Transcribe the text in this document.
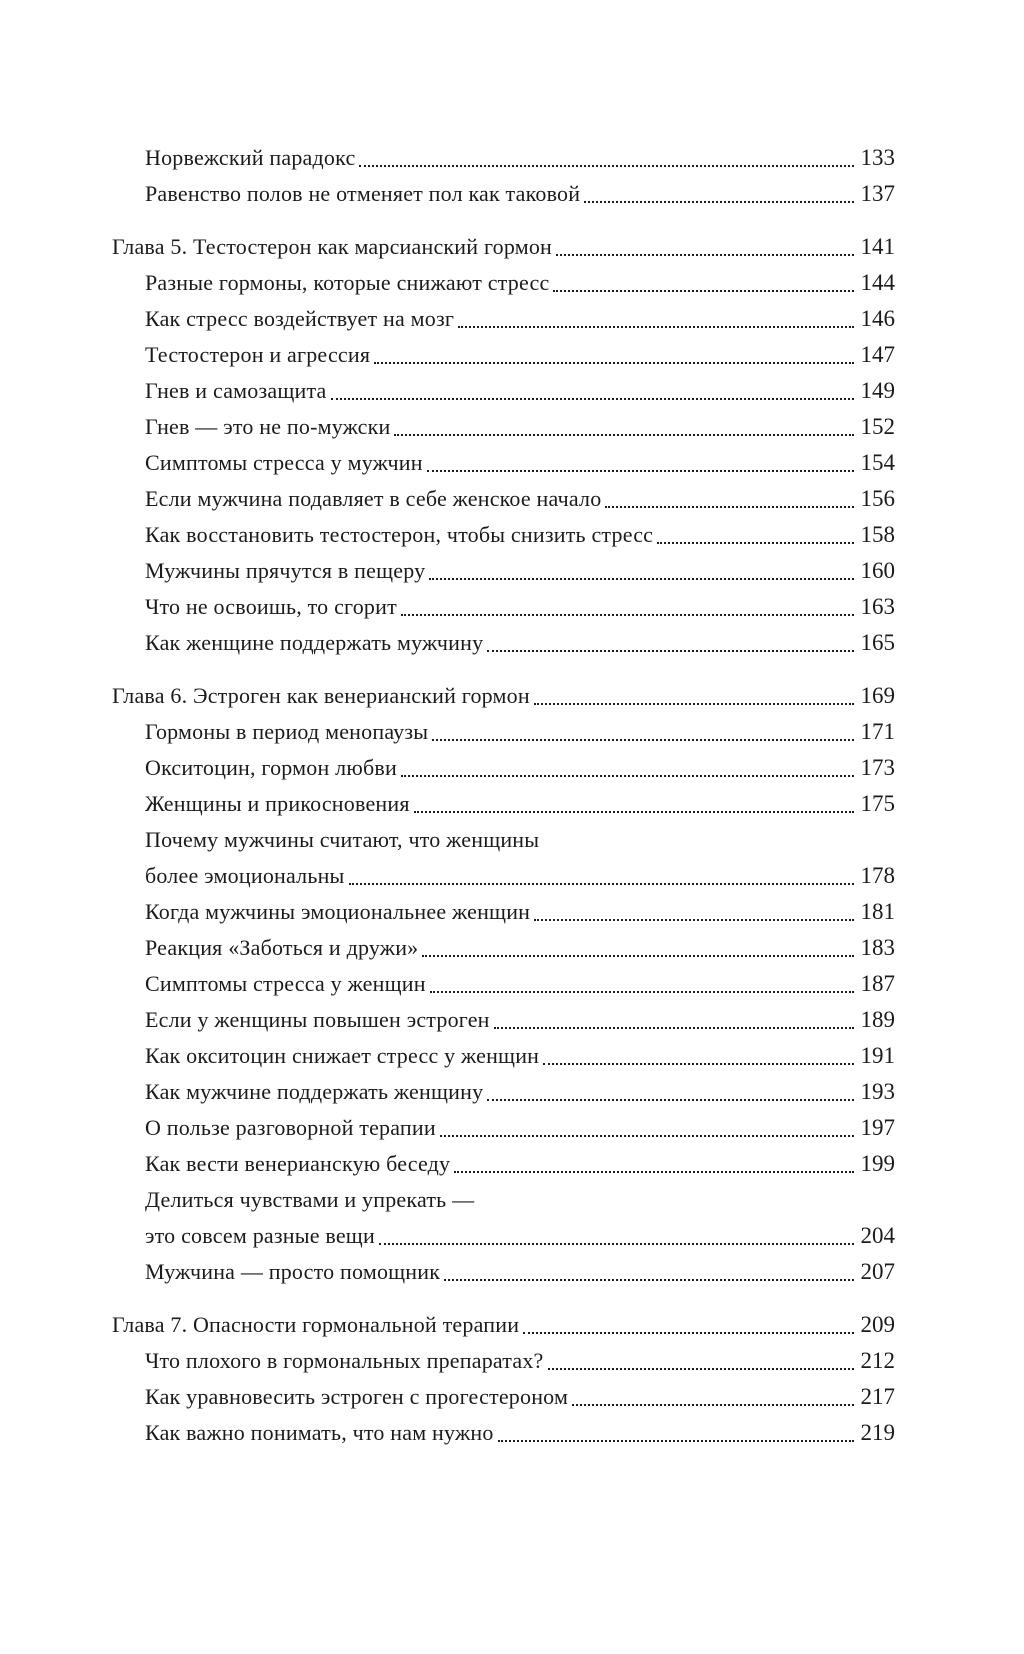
Норвежский парадокс	133
Равенство полов не отменяет пол как таковой	137
Глава 5. Тестостерон как марсианский гормон	141
Разные гормоны, которые снижают стресс	144
Как стресс воздействует на мозг	146
Тестостерон и агрессия	147
Гнев и самозащита	149
Гнев — это не по-мужски	152
Симптомы стресса у мужчин	154
Если мужчина подавляет в себе женское начало	156
Как восстановить тестостерон, чтобы снизить стресс	158
Мужчины прячутся в пещеру	160
Что не освоишь, то сгорит	163
Как женщине поддержать мужчину	165
Глава 6. Эстроген как венерианский гормон	169
Гормоны в период менопаузы	171
Окситоцин, гормон любви	173
Женщины и прикосновения	175
Почему мужчины считают, что женщины
более эмоциональны	178
Когда мужчины эмоциональнее женщин	181
Реакция «Заботься и дружи»	183
Симптомы стресса у женщин	187
Если у женщины повышен эстроген	189
Как окситоцин снижает стресс у женщин	191
Как мужчине поддержать женщину	193
О пользе разговорной терапии	197
Как вести венерианскую беседу	199
Делиться чувствами и упрекать —
это совсем разные вещи	204
Мужчина — просто помощник	207
Глава 7. Опасности гормональной терапии	209
Что плохого в гормональных препаратах?	212
Как уравновесить эстроген с прогестероном	217
Как важно понимать, что нам нужно	219
